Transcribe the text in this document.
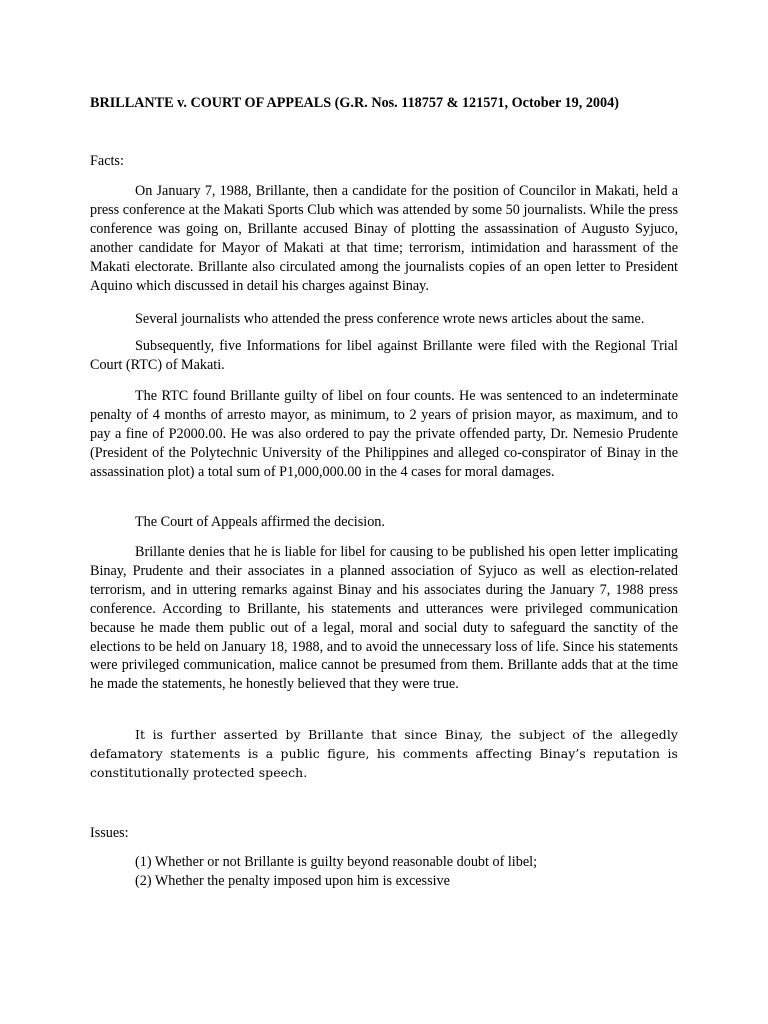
BRILLANTE v. COURT OF APPEALS (G.R. Nos. 118757 & 121571, October 19, 2004)

Facts:

On January 7, 1988, Brillante, then a candidate for the position of Councilor in Makati, held a press conference at the Makati Sports Club which was attended by some 50 journalists. While the press conference was going on, Brillante accused Binay of plotting the assassination of Augusto Syjuco, another candidate for Mayor of Makati at that time; terrorism, intimidation and harassment of the Makati electorate. Brillante also circulated among the journalists copies of an open letter to President Aquino which discussed in detail his charges against Binay.

Several journalists who attended the press conference wrote news articles about the same.

Subsequently, five Informations for libel against Brillante were filed with the Regional Trial Court (RTC) of Makati.

The RTC found Brillante guilty of libel on four counts. He was sentenced to an indeterminate penalty of 4 months of arresto mayor, as minimum, to 2 years of prision mayor, as maximum, and to pay a fine of P2000.00. He was also ordered to pay the private offended party, Dr. Nemesio Prudente (President of the Polytechnic University of the Philippines and alleged co-conspirator of Binay in the assassination plot) a total sum of P1,000,000.00 in the 4 cases for moral damages.

The Court of Appeals affirmed the decision.

Brillante denies that he is liable for libel for causing to be published his open letter implicating Binay, Prudente and their associates in a planned association of Syjuco as well as election-related terrorism, and in uttering remarks against Binay and his associates during the January 7, 1988 press conference. According to Brillante, his statements and utterances were privileged communication because he made them public out of a legal, moral and social duty to safeguard the sanctity of the elections to be held on January 18, 1988, and to avoid the unnecessary loss of life. Since his statements were privileged communication, malice cannot be presumed from them. Brillante adds that at the time he made the statements, he honestly believed that they were true.

It is further asserted by Brillante that since Binay, the subject of the allegedly defamatory statements is a public figure, his comments affecting Binay’s reputation is constitutionally protected speech.

Issues:

(1) Whether or not Brillante is guilty beyond reasonable doubt of libel;
(2) Whether the penalty imposed upon him is excessive
